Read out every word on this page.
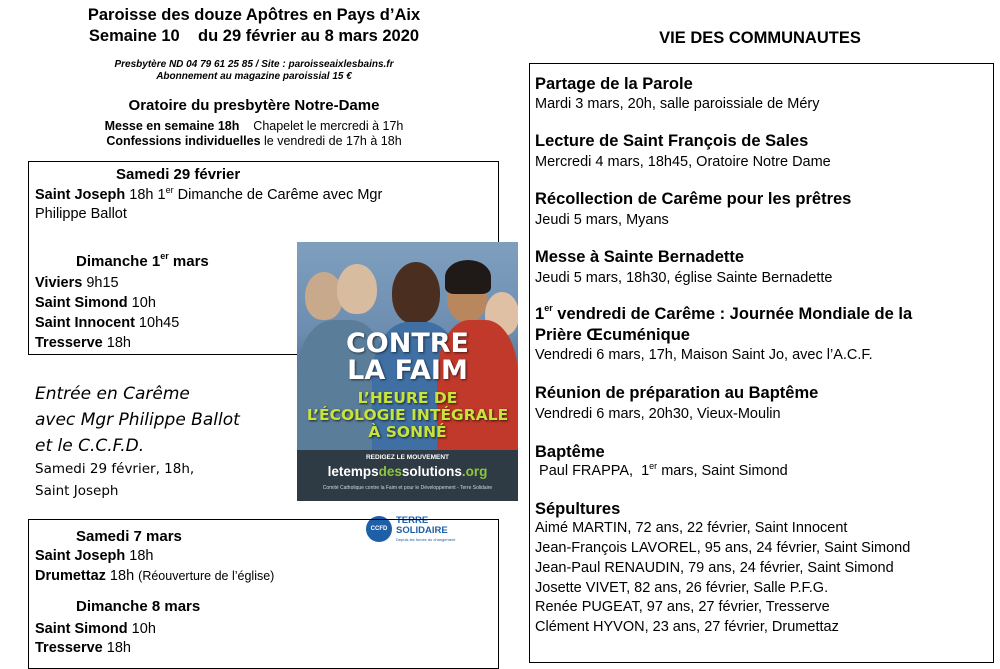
Paroisse des douze Apôtres en Pays d’Aix
Semaine 10    du 29 février au 8 mars 2020
Presbytère ND 04 79 61 25 85 / Site : paroisseaixlesbains.fr
Abonnement au magazine paroissial 15 €
Oratoire du presbytère Notre-Dame
Messe en semaine 18h Chapelet le mercredi à 17h
Confessions individuelles le vendredi de 17h à 18h
Samedi 29 février
Saint Joseph 18h 1er Dimanche de Carême avec Mgr
Philippe Ballot
Dimanche 1er mars
Viviers 9h15
Saint Simond 10h
Saint Innocent 10h45
Tresserve 18h
Entrée en Carême
avec Mgr Philippe Ballot
et le C.C.F.D.
Samedi 29 février, 18h,
Saint Joseph
CONTRE
LA FAIM
L’HEURE DE
L’ÉCOLOGIE INTÉGRALE
À SONNÉ
REDIGEZ LE MOUVEMENT
letempsdessolutions.org
Comité Catholique contre la Faim et pour le Développement - Terre Solidaire
CCFD
TERRE
SOLIDAIRE
Depuis les forces du changement
Samedi 7 mars
Saint Joseph 18h
Drumettaz 18h (Réouverture de l’église)
Dimanche 8 mars
Saint Simond 10h
Tresserve 18h
VIE DES COMMUNAUTES
Partage de la Parole
Mardi 3 mars, 20h, salle paroissiale de Méry
Lecture de Saint François de Sales
Mercredi 4 mars, 18h45, Oratoire Notre Dame
Récollection de Carême pour les prêtres
Jeudi 5 mars, Myans
Messe à Sainte Bernadette
Jeudi 5 mars, 18h30, église Sainte Bernadette
1er vendredi de Carême : Journée Mondiale de la
Prière Œcuménique
Vendredi 6 mars, 17h, Maison Saint Jo, avec l’A.C.F.
Réunion de préparation au Baptême
Vendredi 6 mars, 20h30, Vieux-Moulin
Baptême
Paul FRAPPA,  1er mars, Saint Simond
Sépultures
Aimé MARTIN, 72 ans, 22 février, Saint Innocent
Jean-François LAVOREL, 95 ans, 24 février, Saint Simond
Jean-Paul RENAUDIN, 79 ans, 24 février, Saint Simond
Josette VIVET, 82 ans, 26 février, Salle P.F.G.
Renée PUGEAT, 97 ans, 27 février, Tresserve
Clément HYVON, 23 ans, 27 février, Drumettaz
